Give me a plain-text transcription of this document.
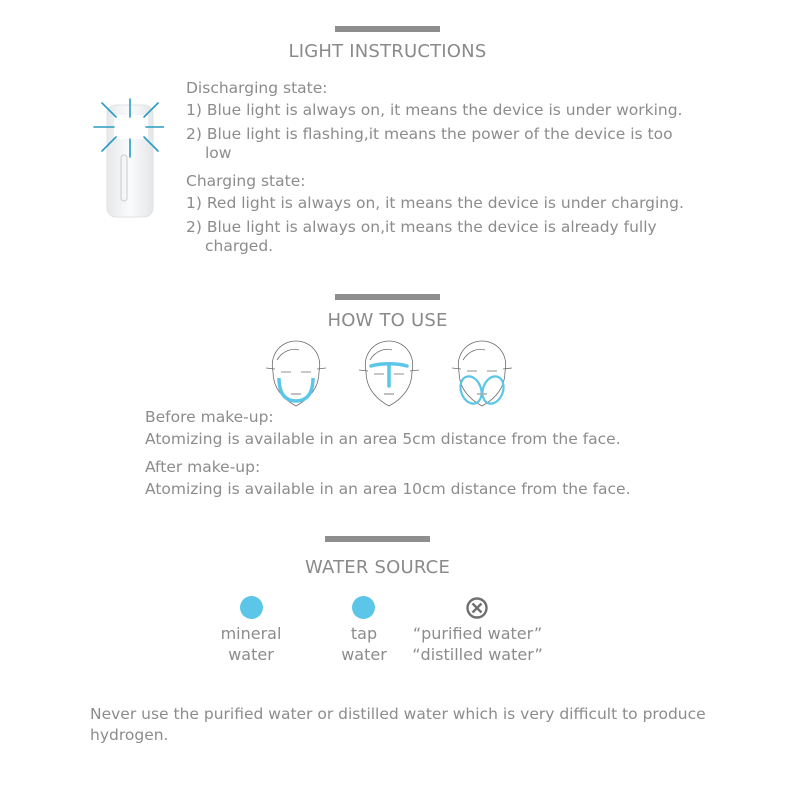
LIGHT INSTRUCTIONS
Discharging state:
1) Blue light is always on, it means the device is under working.
2) Blue light is flashing,it means the power of the device is too
low
Charging state:
1) Red light is always on, it means the device is under charging.
2) Blue light is always on,it means the device is already fully
charged.
HOW TO USE
Before make-up:
Atomizing is available in an area 5cm distance from the face.
After make-up:
Atomizing is available in an area 10cm distance from the face.
WATER SOURCE
mineral
water
tap
water
“purified water”
“distilled water”
Never use the purified water or distilled water which is very difficult to produce
hydrogen.
